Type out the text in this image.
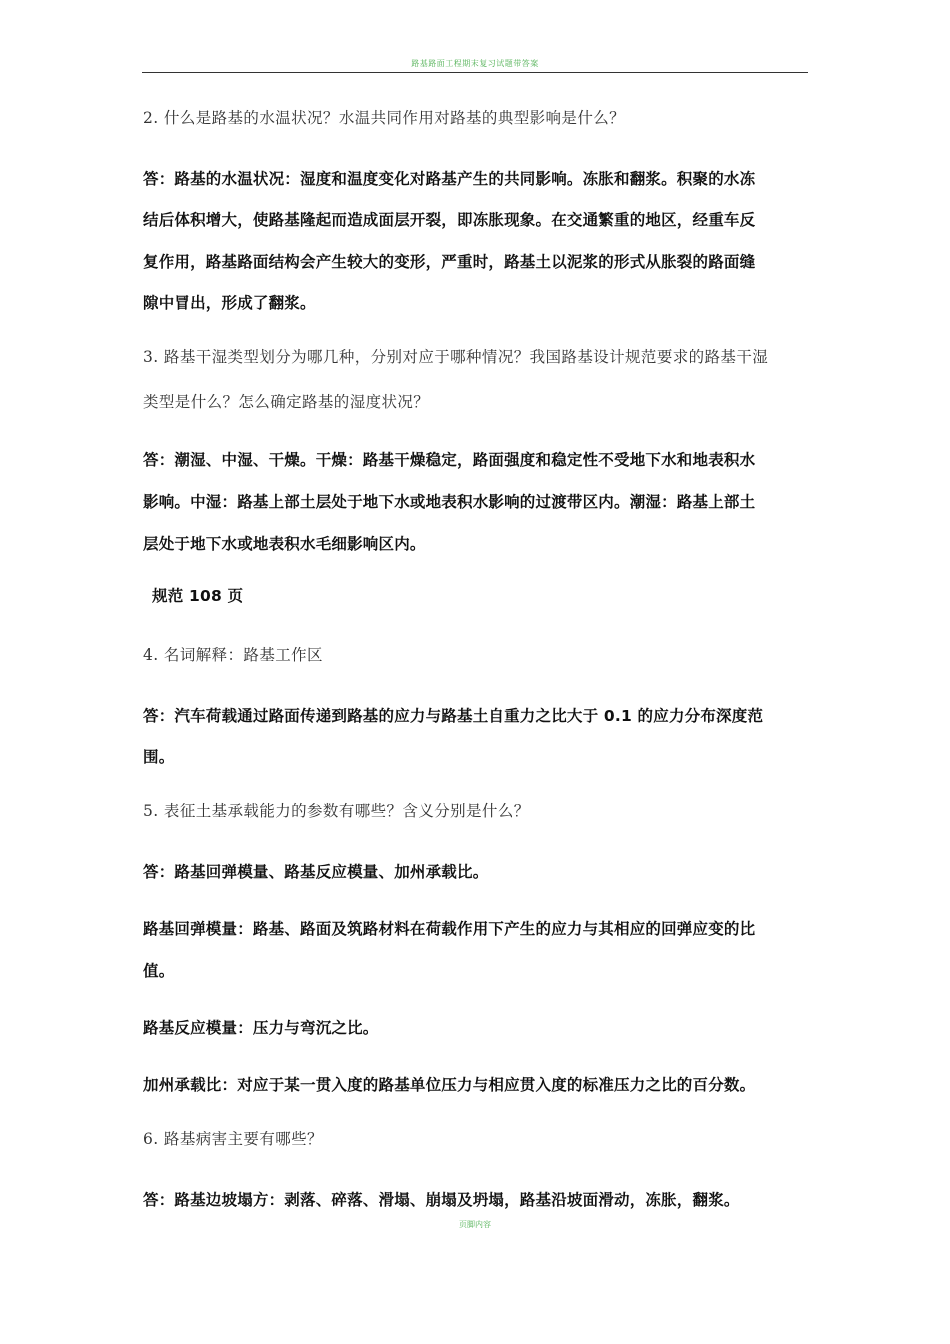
路基路面工程期末复习试题带答案
2. 什么是路基的水温状况？水温共同作用对路基的典型影响是什么？
答：路基的水温状况：湿度和温度变化对路基产生的共同影响。冻胀和翻浆。积聚的水冻
结后体积增大，使路基隆起而造成面层开裂，即冻胀现象。在交通繁重的地区，经重车反
复作用，路基路面结构会产生较大的变形，严重时，路基土以泥浆的形式从胀裂的路面缝
隙中冒出，形成了翻浆。
3. 路基干湿类型划分为哪几种，分别对应于哪种情况？我国路基设计规范要求的路基干湿
类型是什么？怎么确定路基的湿度状况？
答：潮湿、中湿、干燥。干燥：路基干燥稳定，路面强度和稳定性不受地下水和地表积水
影响。中湿：路基上部土层处于地下水或地表积水影响的过渡带区内。潮湿：路基上部土
层处于地下水或地表积水毛细影响区内。
规范 108 页
4. 名词解释：路基工作区
答：汽车荷载通过路面传递到路基的应力与路基土自重力之比大于 0.1 的应力分布深度范
围。
5. 表征土基承载能力的参数有哪些？含义分别是什么？
答：路基回弹模量、路基反应模量、加州承载比。
路基回弹模量：路基、路面及筑路材料在荷载作用下产生的应力与其相应的回弹应变的比
值。
路基反应模量：压力与弯沉之比。
加州承载比：对应于某一贯入度的路基单位压力与相应贯入度的标准压力之比的百分数。
6. 路基病害主要有哪些？
答：路基边坡塌方：剥落、碎落、滑塌、崩塌及坍塌，路基沿坡面滑动，冻胀，翻浆。
页脚内容
